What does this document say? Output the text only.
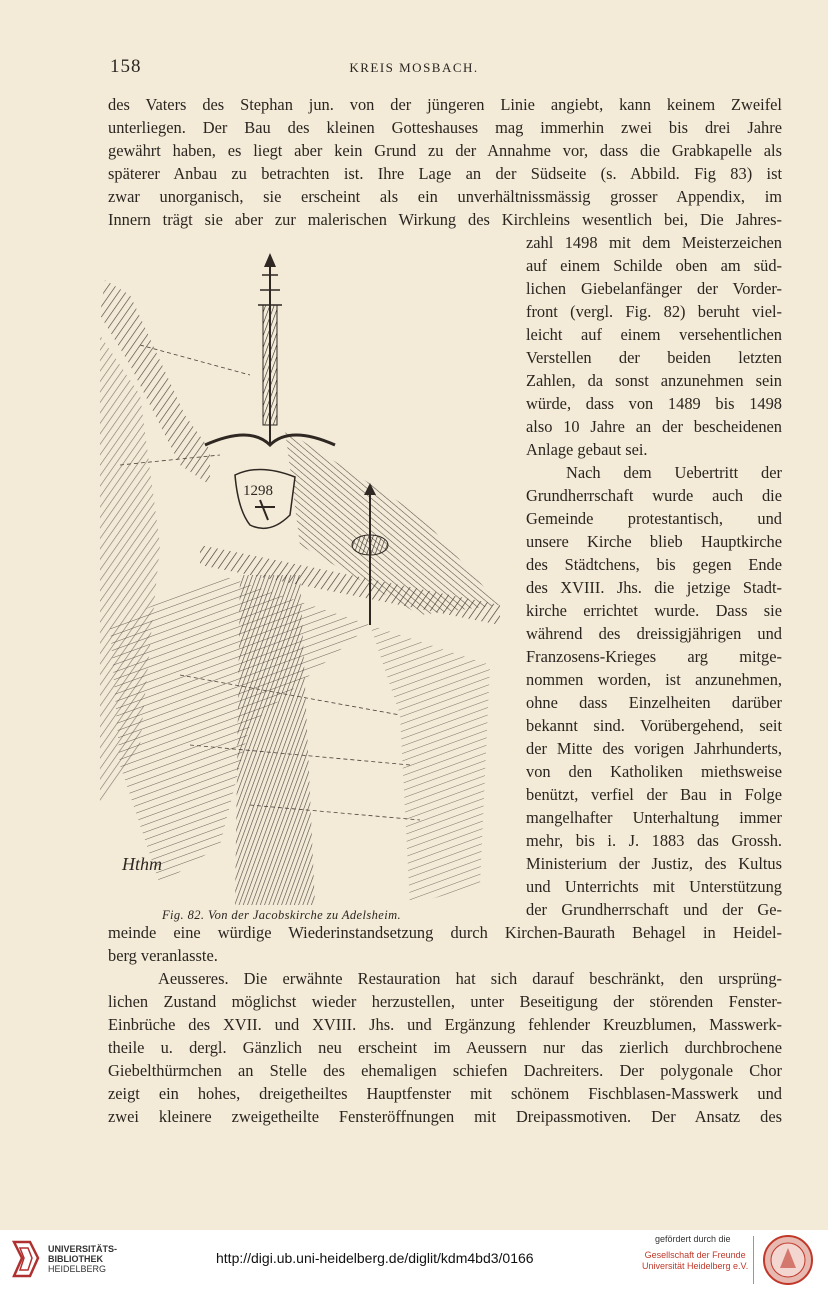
158	KREIS MOSBACH.
des Vaters des Stephan jun. von der jüngeren Linie angiebt, kann keinem Zweifel
unterliegen. Der Bau des kleinen Gotteshauses mag immerhin zwei bis drei Jahre
gewährt haben, es liegt aber kein Grund zu der Annahme vor, dass die Grabkapelle als
späterer Anbau zu betrachten ist. Ihre Lage an der Südseite (s. Abbild. Fig 83) ist
zwar unorganisch, sie erscheint als ein unverhältnissmässig grosser Appendix, im
Innern trägt sie aber zur malerischen Wirkung des Kirchleins wesentlich bei, Die Jahres-
zahl 1498 mit dem Meisterzeichen
auf einem Schilde oben am süd-
lichen Giebelanfänger der Vorder-
front (vergl. Fig. 82) beruht viel-
leicht auf einem versehentlichen
Verstellen der beiden letzten
Zahlen, da sonst anzunehmen sein
würde, dass von 1489 bis 1498
also 10 Jahre an der bescheidenen
Anlage gebaut sei.
Nach dem Uebertritt der
Grundherrschaft wurde auch die
Gemeinde protestantisch, und
unsere Kirche blieb Hauptkirche
des Städtchens, bis gegen Ende
des XVIII. Jhs. die jetzige Stadt-
kirche errichtet wurde. Dass sie
während des dreissigjährigen und
Franzosens-Krieges arg mitge-
nommen worden, ist anzunehmen,
ohne dass Einzelheiten darüber
bekannt sind. Vorübergehend, seit
der Mitte des vorigen Jahrhunderts,
von den Katholiken miethsweise
benützt, verfiel der Bau in Folge
mangelhafter Unterhaltung immer
mehr, bis i. J. 1883 das Grossh.
Ministerium der Justiz, des Kultus
und Unterrichts mit Unterstützung
der Grundherrschaft und der Ge-
1298
Hthm
Fig. 82. Von der Jacobskirche zu Adelsheim.
meinde eine würdige Wiederinstandsetzung durch Kirchen-Baurath Behagel in Heidel-
berg veranlasste.
Aeusseres. Die erwähnte Restauration hat sich darauf beschränkt, den ursprüng-
lichen Zustand möglichst wieder herzustellen, unter Beseitigung der störenden Fenster-
Einbrüche des XVII. und XVIII. Jhs. und Ergänzung fehlender Kreuzblumen, Masswerk-
theile u. dergl. Gänzlich neu erscheint im Aeussern nur das zierlich durchbrochene
Giebelthürmchen an Stelle des ehemaligen schiefen Dachreiters. Der polygonale Chor
zeigt ein hohes, dreigetheiltes Hauptfenster mit schönem Fischblasen-Masswerk und
zwei kleinere zweigetheilte Fensteröffnungen mit Dreipassmotiven. Der Ansatz des
UNIVERSITÄTS-
BIBLIOTHEK
HEIDELBERG
http://digi.ub.uni-heidelberg.de/diglit/kdm4bd3/0166
gefördert durch die
Gesellschaft der Freunde
Universität Heidelberg e.V.
